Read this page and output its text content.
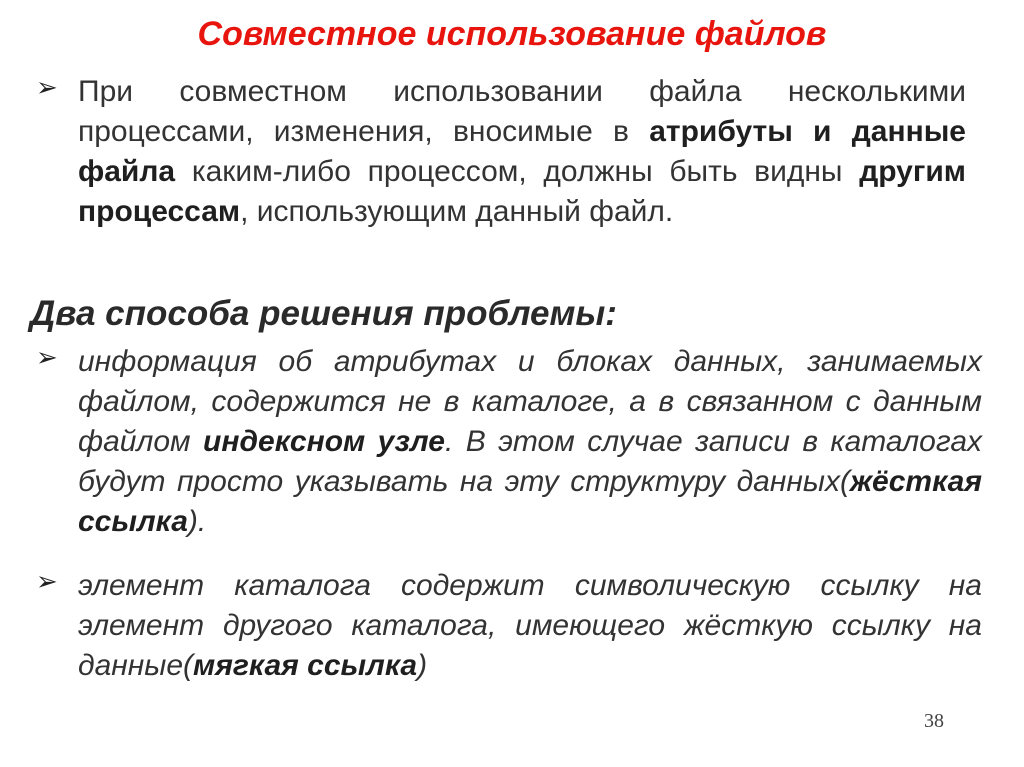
Совместное использование файлов
➢ При совместном использовании файла несколькими процессами, изменения, вносимые в атрибуты и данные файла каким-либо процессом, должны быть видны другим процессам, использующим данный файл.
Два способа решения проблемы:
➢ информация об атрибутах и блоках данных, занимаемых файлом, содержится не в каталоге, а в связанном с данным файлом индексном узле. В этом случае записи в каталогах будут просто указывать на эту структуру данных(жёсткая ссылка).
➢ элемент каталога содержит символическую ссылку на элемент другого каталога, имеющего жёсткую ссылку на данные(мягкая ссылка)
38
